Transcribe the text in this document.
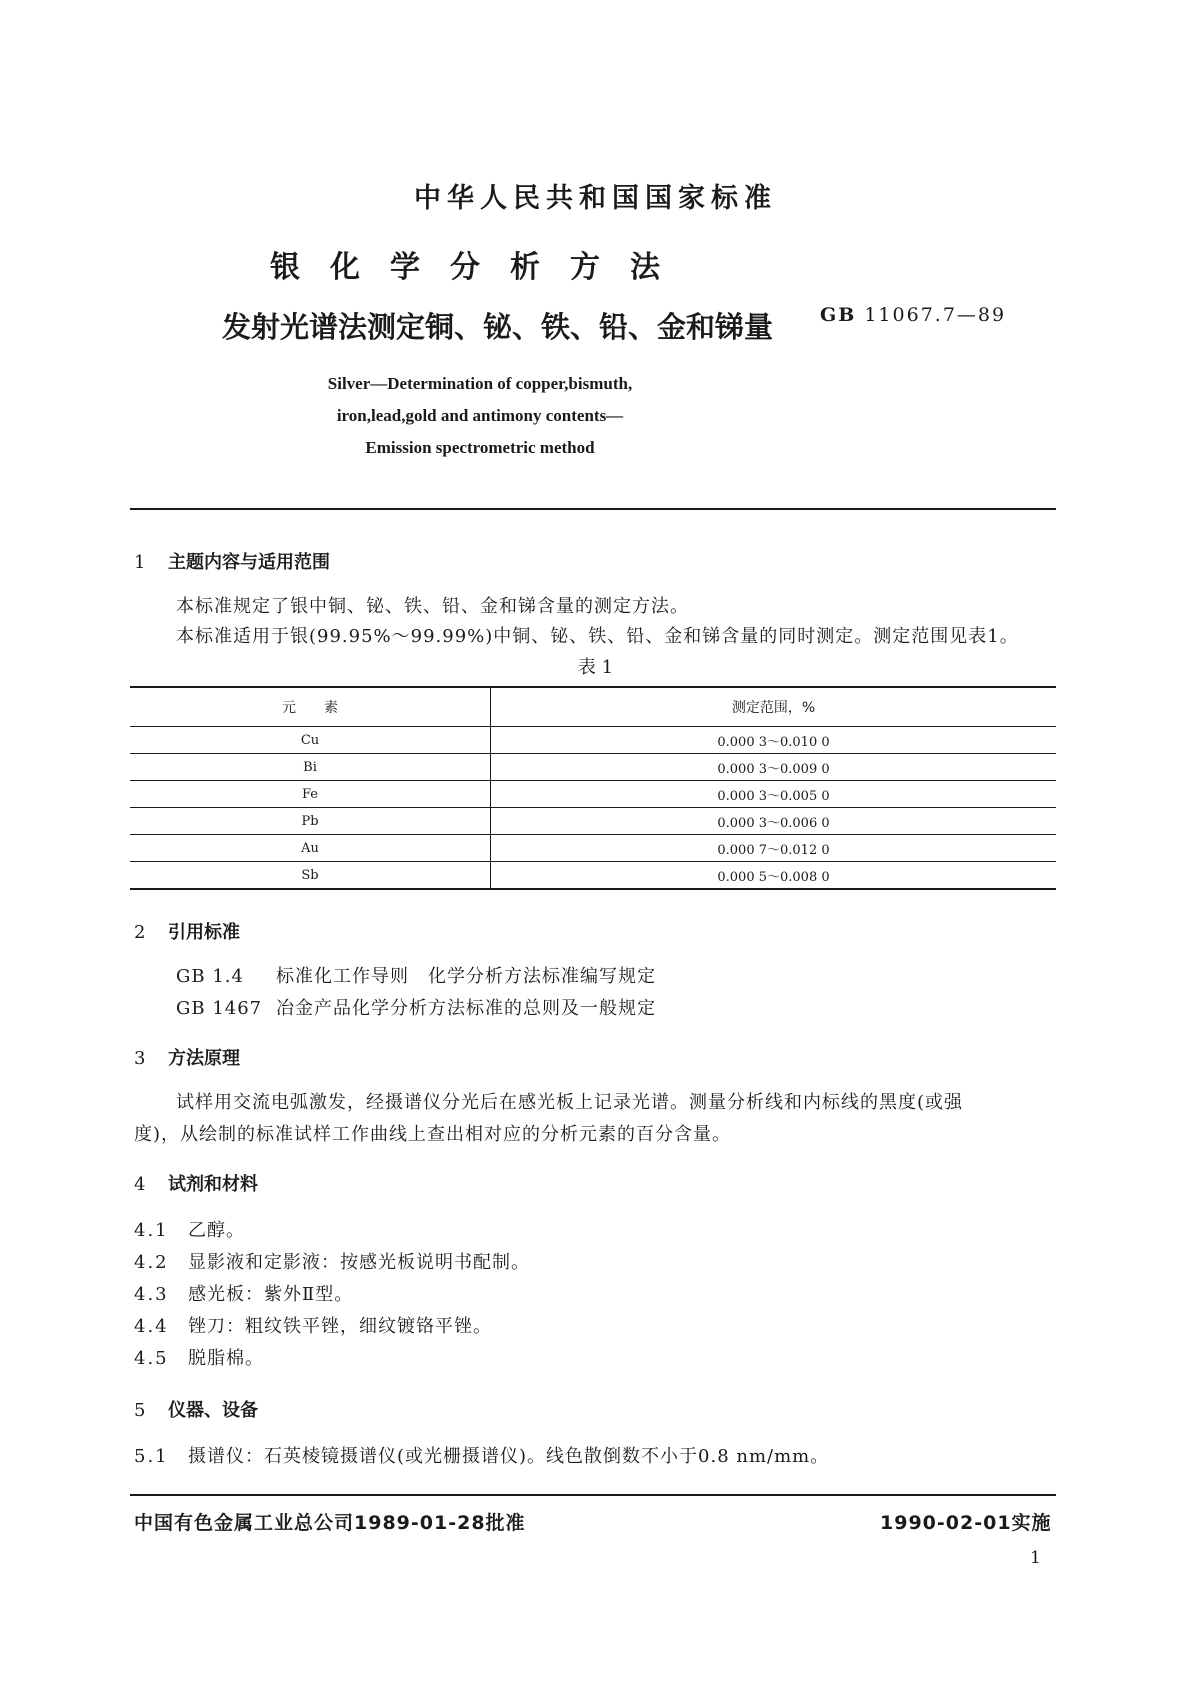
中华人民共和国国家标准
银化学分析方法
发射光谱法测定铜、铋、铁、铅、金和锑量 GB 11067.7—89
Silver—Determination of copper,bismuth,
iron,lead,gold and antimony contents—
Emission spectrometric method
1 主题内容与适用范围
本标准规定了银中铜、铋、铁、铅、金和锑含量的测定方法。
本标准适用于银(99.95%～99.99%)中铜、铋、铁、铅、金和锑含量的同时测定。测定范围见表1。
表 1
元　　素	测定范围，%
Cu	0.000 3～0.010 0
Bi	0.000 3～0.009 0
Fe	0.000 3～0.005 0
Pb	0.000 3～0.006 0
Au	0.000 7～0.012 0
Sb	0.000 5～0.008 0
2 引用标准
GB 1.4 标准化工作导则　化学分析方法标准编写规定
GB 1467 冶金产品化学分析方法标准的总则及一般规定
3 方法原理
试样用交流电弧激发，经摄谱仪分光后在感光板上记录光谱。测量分析线和内标线的黑度(或强
度)，从绘制的标准试样工作曲线上查出相对应的分析元素的百分含量。
4 试剂和材料
4.1 乙醇。
4.2 显影液和定影液：按感光板说明书配制。
4.3 感光板：紫外Ⅱ型。
4.4 锉刀：粗纹铁平锉，细纹镀铬平锉。
4.5 脱脂棉。
5 仪器、设备
5.1 摄谱仪：石英棱镜摄谱仪(或光栅摄谱仪)。线色散倒数不小于0.8 nm/mm。
中国有色金属工业总公司1989-01-28批准	1990-02-01实施
1
